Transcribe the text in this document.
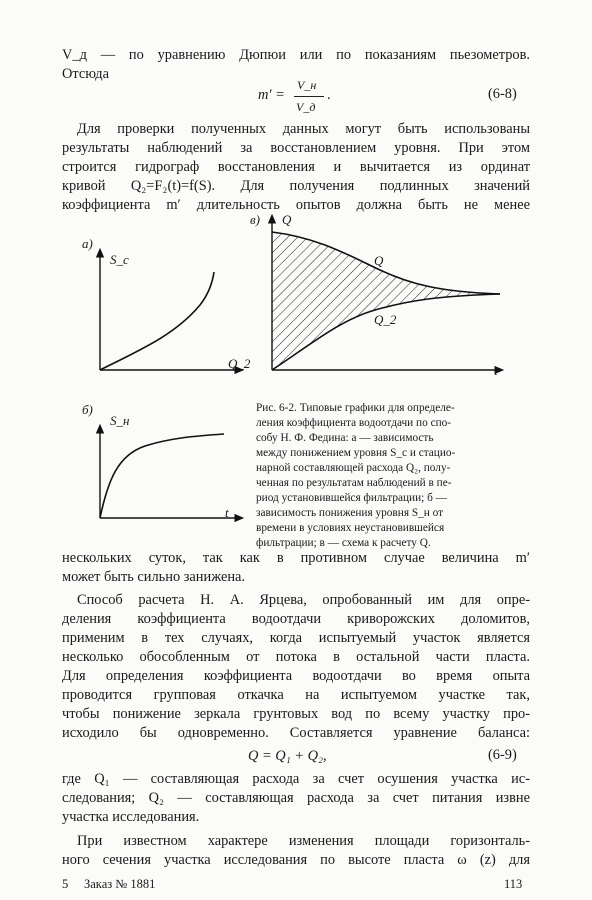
V_д — по уравнению Дюпюи или по показаниям пьезометров.
Отсюда
m′ =
V_н
V_д
.	(6-8)
Для проверки полученных данных могут быть использованы
результаты наблюдений за восстановлением уровня. При этом
строится гидрограф восстановления и вычитается из ординат
кривой Q₂=F₂(t)=f(S). Для получения подлинных значений
коэффициента m′ длительность опытов должна быть не менее
а)
S_c
Q_2
в) Q
Q
Q_2
t
б)
S_н
t
Рис. 6-2. Типовые графики для определе-
ления коэффициента водоотдачи по спо-
собу Н. Ф. Федина: а — зависимость
между понижением уровня S_c и стацио-
нарной составляющей расхода Q₂, полу-
ченная по результатам наблюдений в пе-
риод установившейся фильтрации; б —
зависимость понижения уровня S_н от
времени в условиях неустановившейся
фильтрации; в — схема к расчету Q.
нескольких суток, так как в противном случае величина m′
может быть сильно занижена.
Способ расчета Н. А. Ярцева, опробованный им для опре-
деления коэффициента водоотдачи криворожских доломитов,
применим в тех случаях, когда испытуемый участок является
несколько обособленным от потока в остальной части пласта.
Для определения коэффициента водоотдачи во время опыта
проводится групповая откачка на испытуемом участке так,
чтобы понижение зеркала грунтовых вод по всему участку про-
исходило бы одновременно. Составляется уравнение баланса:
Q = Q₁ + Q₂,	(6-9)
где Q₁ — составляющая расхода за счет осушения участка ис-
следования; Q₂ — составляющая расхода за счет питания извне
участка исследования.
При известном характере изменения площади горизонталь-
ного сечения участка исследования по высоте пласта ω (z) для
5 Заказ № 1881	113
